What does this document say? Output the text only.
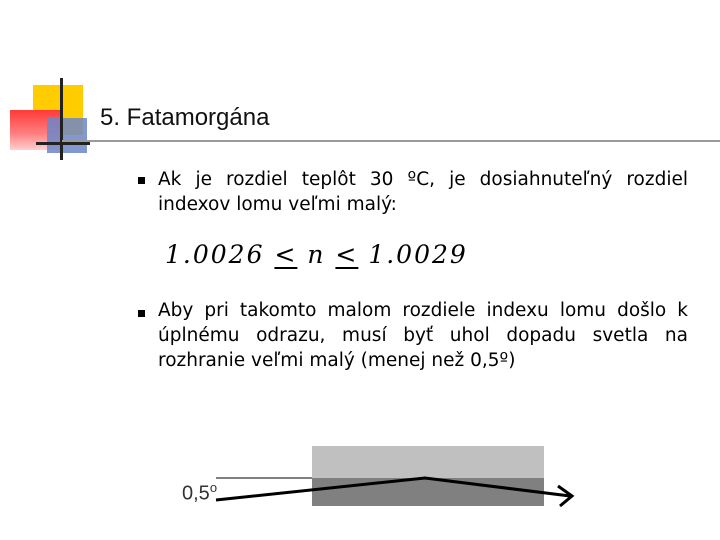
5. Fatamorgána

Ak je rozdiel teplôt 30 ºC, je dosiahnuteľný rozdiel indexov lomu veľmi malý:

1.0026 < n < 1.0029

Aby pri takomto malom rozdiele indexu lomu došlo k úplnému odrazu, musí byť uhol dopadu svetla na rozhranie veľmi malý (menej než 0,5º)

0,5$^o$
